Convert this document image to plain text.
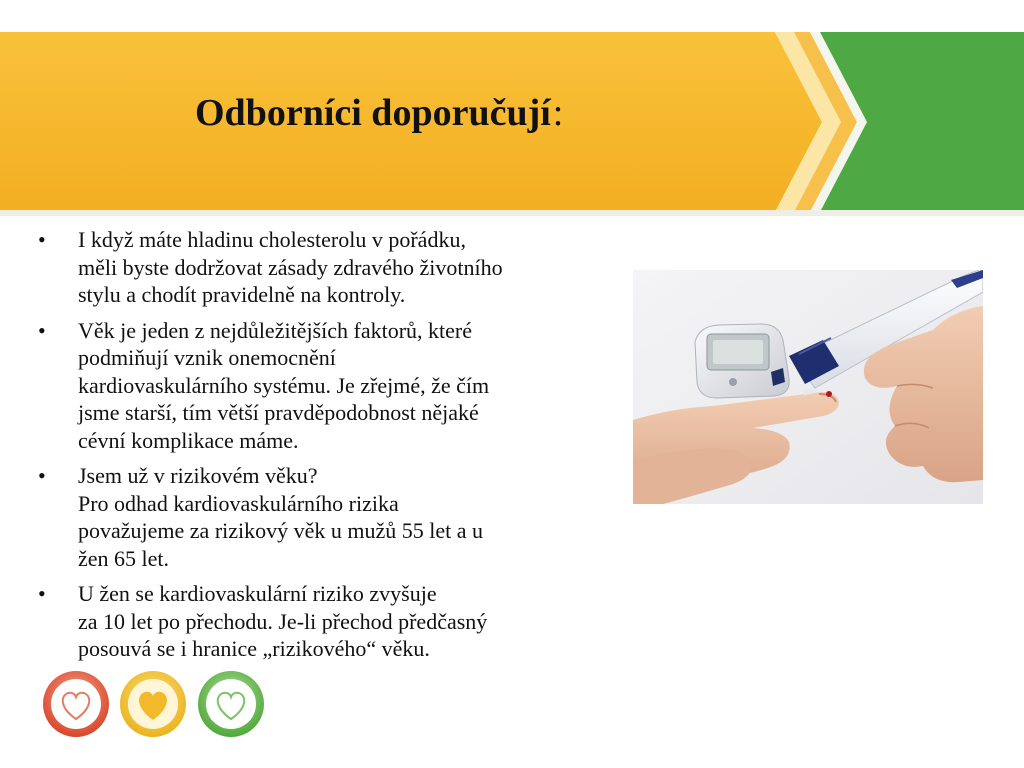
Odborníci doporučují:
•	I když máte hladinu cholesterolu v pořádku,
měli byste dodržovat zásady zdravého životního
stylu a chodít pravidelně na kontroly.
•	Věk je jeden z nejdůležitějších faktorů, které
podmiňují vznik onemocnění
kardiovaskulárního systému. Je zřejmé, že čím
jsme starší, tím větší pravděpodobnost nějaké
cévní komplikace máme.
•	Jsem už v rizikovém věku?
Pro odhad kardiovaskulárního rizika
považujeme za rizikový věk u mužů 55 let a u
žen 65 let.
•	U žen se kardiovaskulární riziko zvyšuje
za 10 let po přechodu. Je-li přechod předčasný
posouvá se i hranice „rizikového“ věku.
